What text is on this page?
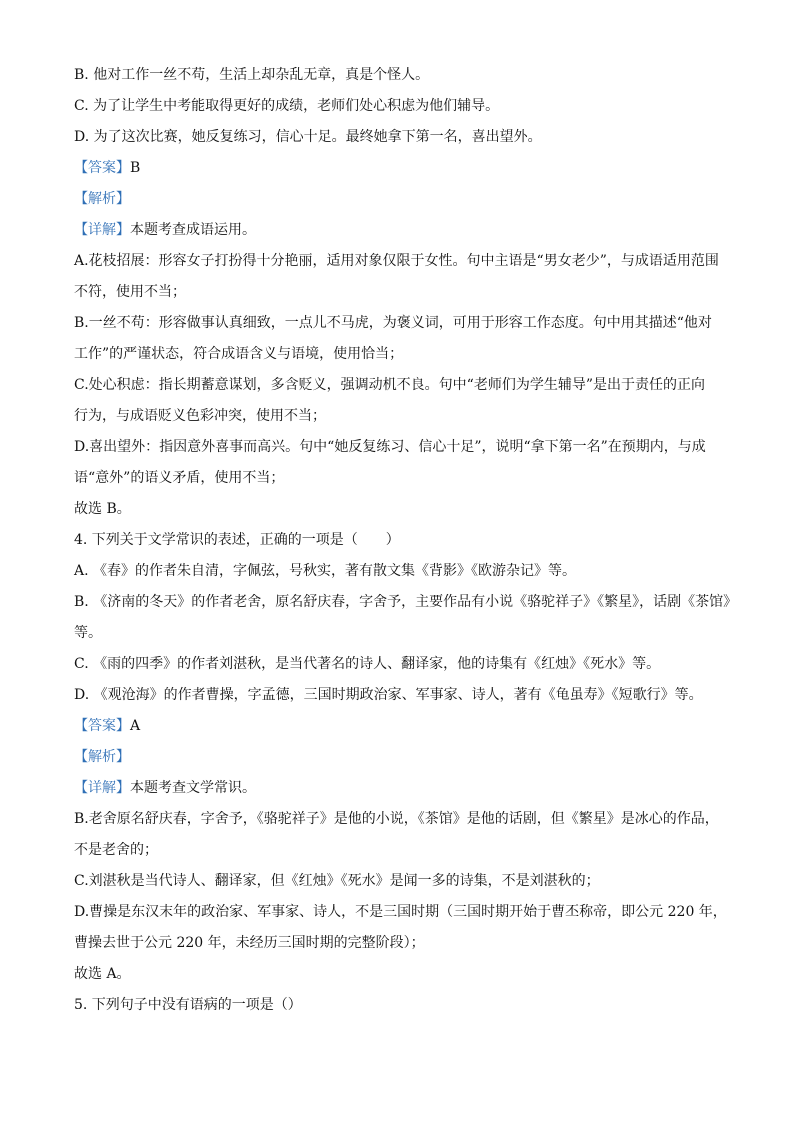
B. 他对工作一丝不苟，生活上却杂乱无章，真是个怪人。

C. 为了让学生中考能取得更好的成绩，老师们处心积虑为他们辅导。

D. 为了这次比赛，她反复练习，信心十足。最终她拿下第一名，喜出望外。

【答案】B

【解析】

【详解】本题考查成语运用。

A.花枝招展：形容女子打扮得十分艳丽，适用对象仅限于女性。句中主语是“男女老少”，与成语适用范围

不符，使用不当；

B.一丝不苟：形容做事认真细致，一点儿不马虎，为褒义词，可用于形容工作态度。句中用其描述“他对

工作”的严谨状态，符合成语含义与语境，使用恰当；

C.处心积虑：指长期蓄意谋划，多含贬义，强调动机不良。句中“老师们为学生辅导”是出于责任的正向

行为，与成语贬义色彩冲突，使用不当；

D.喜出望外：指因意外喜事而高兴。句中“她反复练习、信心十足”，说明“拿下第一名”在预期内，与成

语“意外”的语义矛盾，使用不当；

故选 B。

4. 下列关于文学常识的表述，正确的一项是（　　）

A. 《春》的作者朱自清，字佩弦，号秋实，著有散文集《背影》《欧游杂记》等。

B. 《济南的冬天》的作者老舍，原名舒庆春，字舍予，主要作品有小说《骆驼祥子》《繁星》，话剧《茶馆》

等。

C. 《雨的四季》的作者刘湛秋，是当代著名的诗人、翻译家，他的诗集有《红烛》《死水》等。

D. 《观沧海》的作者曹操，字孟德，三国时期政治家、军事家、诗人，著有《龟虽寿》《短歌行》等。

【答案】A

【解析】

【详解】本题考查文学常识。

B.老舍原名舒庆春，字舍予，《骆驼祥子》是他的小说，《茶馆》是他的话剧，但《繁星》是冰心的作品，

不是老舍的；

C.刘湛秋是当代诗人、翻译家，但《红烛》《死水》是闻一多的诗集，不是刘湛秋的；

D.曹操是东汉末年的政治家、军事家、诗人，不是三国时期（三国时期开始于曹丕称帝，即公元 220 年，

曹操去世于公元 220 年，未经历三国时期的完整阶段）；

故选 A。

5. 下列句子中没有语病的一项是（）
